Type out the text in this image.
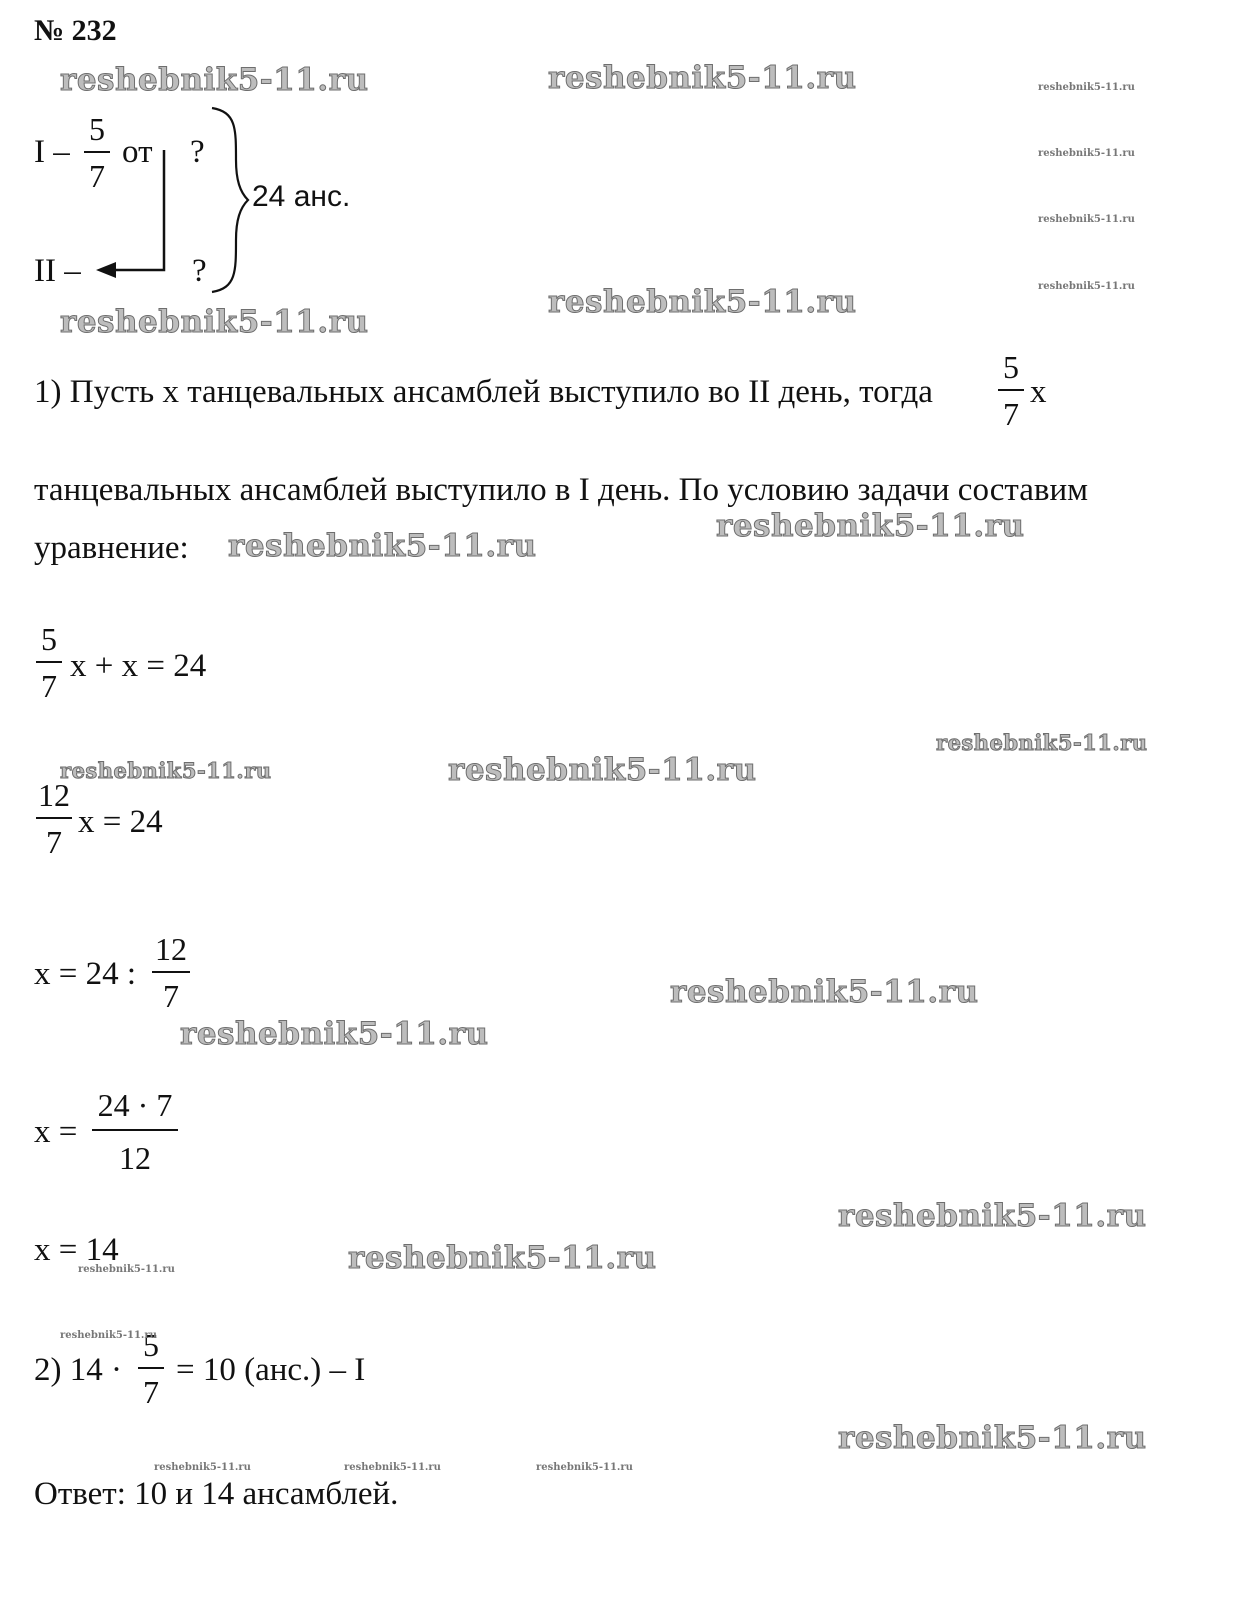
№ 232
I –
5
7
от ?
II –	?
24 анс.
1) Пусть х танцевальных ансамблей выступило во II день, тогда
5
7
х
танцевальных ансамблей выступило в I день. По условию задачи составим
уравнение:
5
7
х + х = 24
12
7
х = 24
х = 24 :
12
7
х =
24 · 7
12
х = 14
2) 14 ·
5
7
= 10 (анс.) – I
Ответ: 10 и 14 ансамблей.
reshebnik5-11.ru	reshebnik5-11.ru	reshebnik5-11.ru
reshebnik5-11.ru
reshebnik5-11.ru
reshebnik5-11.ru
reshebnik5-11.ru
reshebnik5-11.ru
reshebnik5-11.ru
reshebnik5-11.ru
reshebnik5-11.ru
reshebnik5-11.ru	reshebnik5-11.ru
reshebnik5-11.ru
reshebnik5-11.ru
reshebnik5-11.ru
reshebnik5-11.ru
reshebnik5-11.ru
reshebnik5-11.ru
reshebnik5-11.ru
reshebnik5-11.ru	reshebnik5-11.ru	reshebnik5-11.ru
